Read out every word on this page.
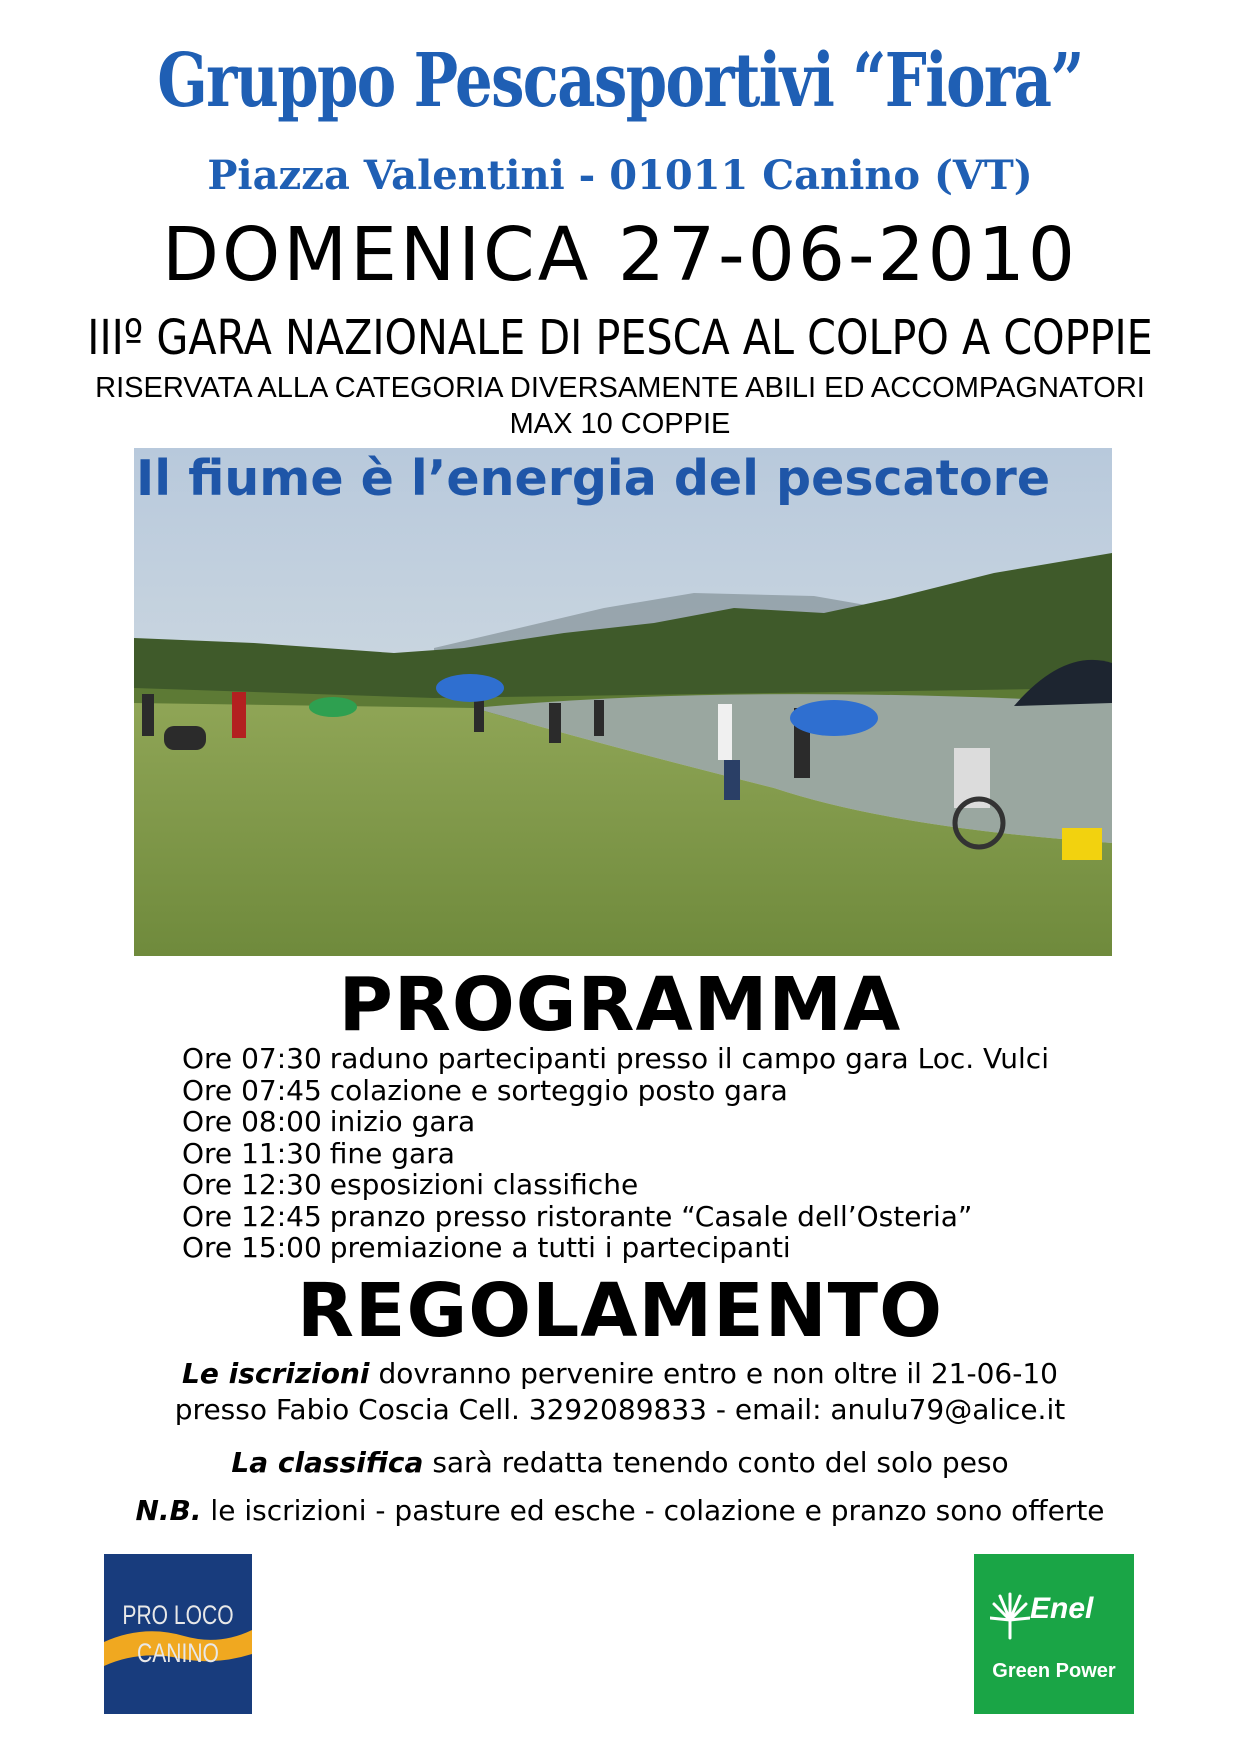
Gruppo Pescasportivi “Fiora”
Piazza Valentini - 01011 Canino (VT)
DOMENICA 27-06-2010
IIIº GARA NAZIONALE DI PESCA AL COLPO A COPPIE
RISERVATA ALLA CATEGORIA DIVERSAMENTE ABILI ED ACCOMPAGNATORI
MAX 10 COPPIE
Il fiume è l’energia del pescatore
PROGRAMMA
Ore 07:30 raduno partecipanti presso il campo gara Loc. Vulci
Ore 07:45 colazione e sorteggio posto gara
Ore 08:00 inizio gara
Ore 11:30 fine gara
Ore 12:30 esposizioni classifiche
Ore 12:45 pranzo presso ristorante “Casale dell’Osteria”
Ore 15:00 premiazione a tutti i partecipanti
REGOLAMENTO
Le iscrizioni dovranno pervenire entro e non oltre il 21-06-10
presso Fabio Coscia Cell. 3292089833 - email: anulu79@alice.it
La classifica sarà redatta tenendo conto del solo peso
N.B. le iscrizioni - pasture ed esche - colazione e pranzo sono offerte
PRO LOCO
CANINO
Enel
Green Power
